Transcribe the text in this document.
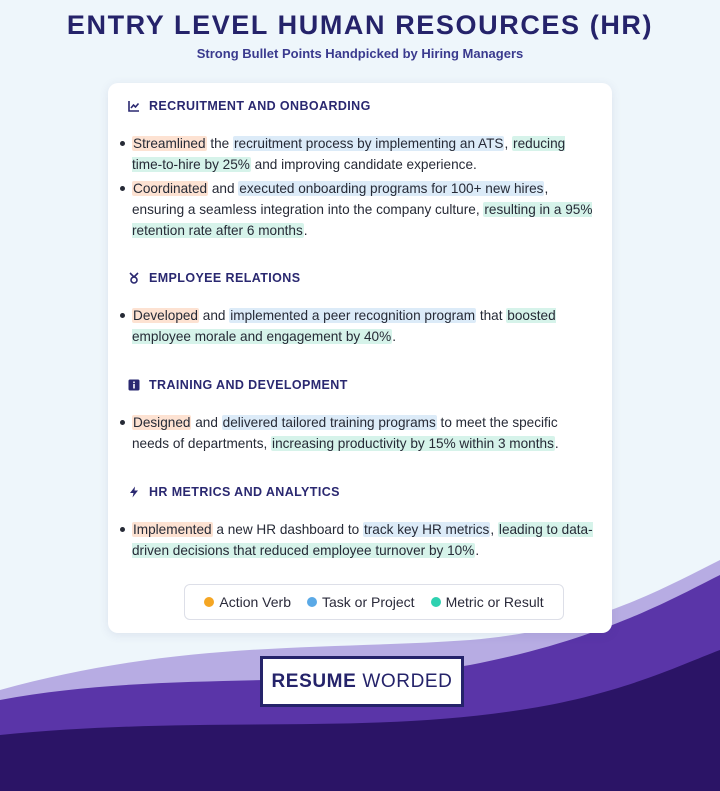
ENTRY LEVEL HUMAN RESOURCES (HR)
Strong Bullet Points Handpicked by Hiring Managers
RECRUITMENT AND ONBOARDING
Streamlined the recruitment process by implementing an ATS, reducing time-to-hire by 25% and improving candidate experience.
Coordinated and executed onboarding programs for 100+ new hires, ensuring a seamless integration into the company culture, resulting in a 95% retention rate after 6 months.
EMPLOYEE RELATIONS
Developed and implemented a peer recognition program that boosted employee morale and engagement by 40%.
TRAINING AND DEVELOPMENT
Designed and delivered tailored training programs to meet the specific needs of departments, increasing productivity by 15% within 3 months.
HR METRICS AND ANALYTICS
Implemented a new HR dashboard to track key HR metrics, leading to data-driven decisions that reduced employee turnover by 10%.
Action Verb Task or Project Metric or Result
RESUME WORDED
